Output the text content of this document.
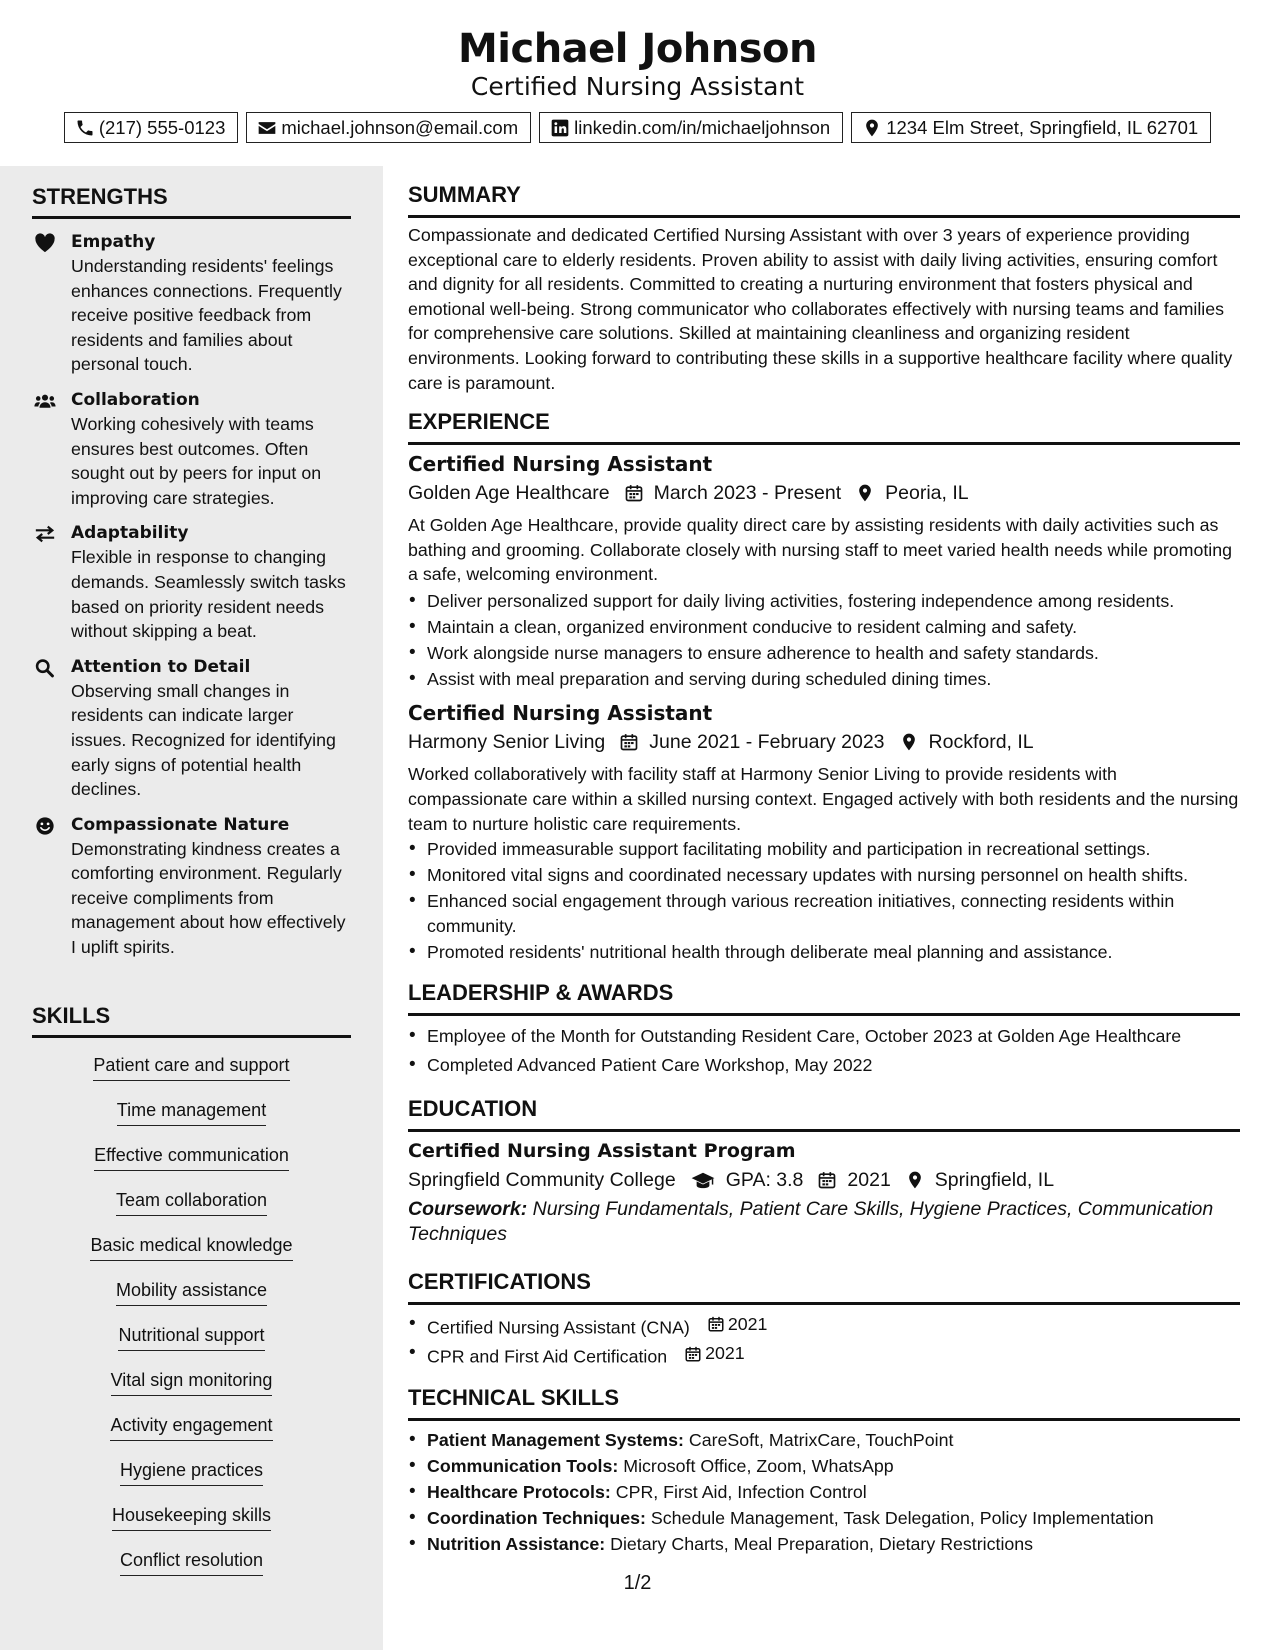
Michael Johnson
Certified Nursing Assistant
(217) 555-0123	michael.johnson@email.com	linkedin.com/in/michaeljohnson	1234 Elm Street, Springfield, IL 62701
STRENGTHS
Empathy
Understanding residents' feelings enhances connections. Frequently receive positive feedback from residents and families about personal touch.
Collaboration
Working cohesively with teams ensures best outcomes. Often sought out by peers for input on improving care strategies.
Adaptability
Flexible in response to changing demands. Seamlessly switch tasks based on priority resident needs without skipping a beat.
Attention to Detail
Observing small changes in residents can indicate larger issues. Recognized for identifying early signs of potential health declines.
Compassionate Nature
Demonstrating kindness creates a comforting environment. Regularly receive compliments from management about how effectively I uplift spirits.
SKILLS
Patient care and support
Time management
Effective communication
Team collaboration
Basic medical knowledge
Mobility assistance
Nutritional support
Vital sign monitoring
Activity engagement
Hygiene practices
Housekeeping skills
Conflict resolution
SUMMARY
Compassionate and dedicated Certified Nursing Assistant with over 3 years of experience providing exceptional care to elderly residents. Proven ability to assist with daily living activities, ensuring comfort and dignity for all residents. Committed to creating a nurturing environment that fosters physical and emotional well-being. Strong communicator who collaborates effectively with nursing teams and families for comprehensive care solutions. Skilled at maintaining cleanliness and organizing resident environments. Looking forward to contributing these skills in a supportive healthcare facility where quality care is paramount.
EXPERIENCE
Certified Nursing Assistant
Golden Age Healthcare March 2023 - Present Peoria, IL
At Golden Age Healthcare, provide quality direct care by assisting residents with daily activities such as bathing and grooming. Collaborate closely with nursing staff to meet varied health needs while promoting a safe, welcoming environment.
• Deliver personalized support for daily living activities, fostering independence among residents.
• Maintain a clean, organized environment conducive to resident calming and safety.
• Work alongside nurse managers to ensure adherence to health and safety standards.
• Assist with meal preparation and serving during scheduled dining times.
Certified Nursing Assistant
Harmony Senior Living June 2021 - February 2023 Rockford, IL
Worked collaboratively with facility staff at Harmony Senior Living to provide residents with compassionate care within a skilled nursing context. Engaged actively with both residents and the nursing team to nurture holistic care requirements.
• Provided immeasurable support facilitating mobility and participation in recreational settings.
• Monitored vital signs and coordinated necessary updates with nursing personnel on health shifts.
• Enhanced social engagement through various recreation initiatives, connecting residents within community.
• Promoted residents' nutritional health through deliberate meal planning and assistance.
LEADERSHIP & AWARDS
• Employee of the Month for Outstanding Resident Care, October 2023 at Golden Age Healthcare
• Completed Advanced Patient Care Workshop, May 2022
EDUCATION
Certified Nursing Assistant Program
Springfield Community College	GPA: 3.8 2021 Springfield, IL
Coursework: Nursing Fundamentals, Patient Care Skills, Hygiene Practices, Communication Techniques
CERTIFICATIONS
• Certified Nursing Assistant (CNA) 2021
• CPR and First Aid Certification 2021
TECHNICAL SKILLS
• Patient Management Systems: CareSoft, MatrixCare, TouchPoint
• Communication Tools: Microsoft Office, Zoom, WhatsApp
• Healthcare Protocols: CPR, First Aid, Infection Control
• Coordination Techniques: Schedule Management, Task Delegation, Policy Implementation
• Nutrition Assistance: Dietary Charts, Meal Preparation, Dietary Restrictions
1/2
